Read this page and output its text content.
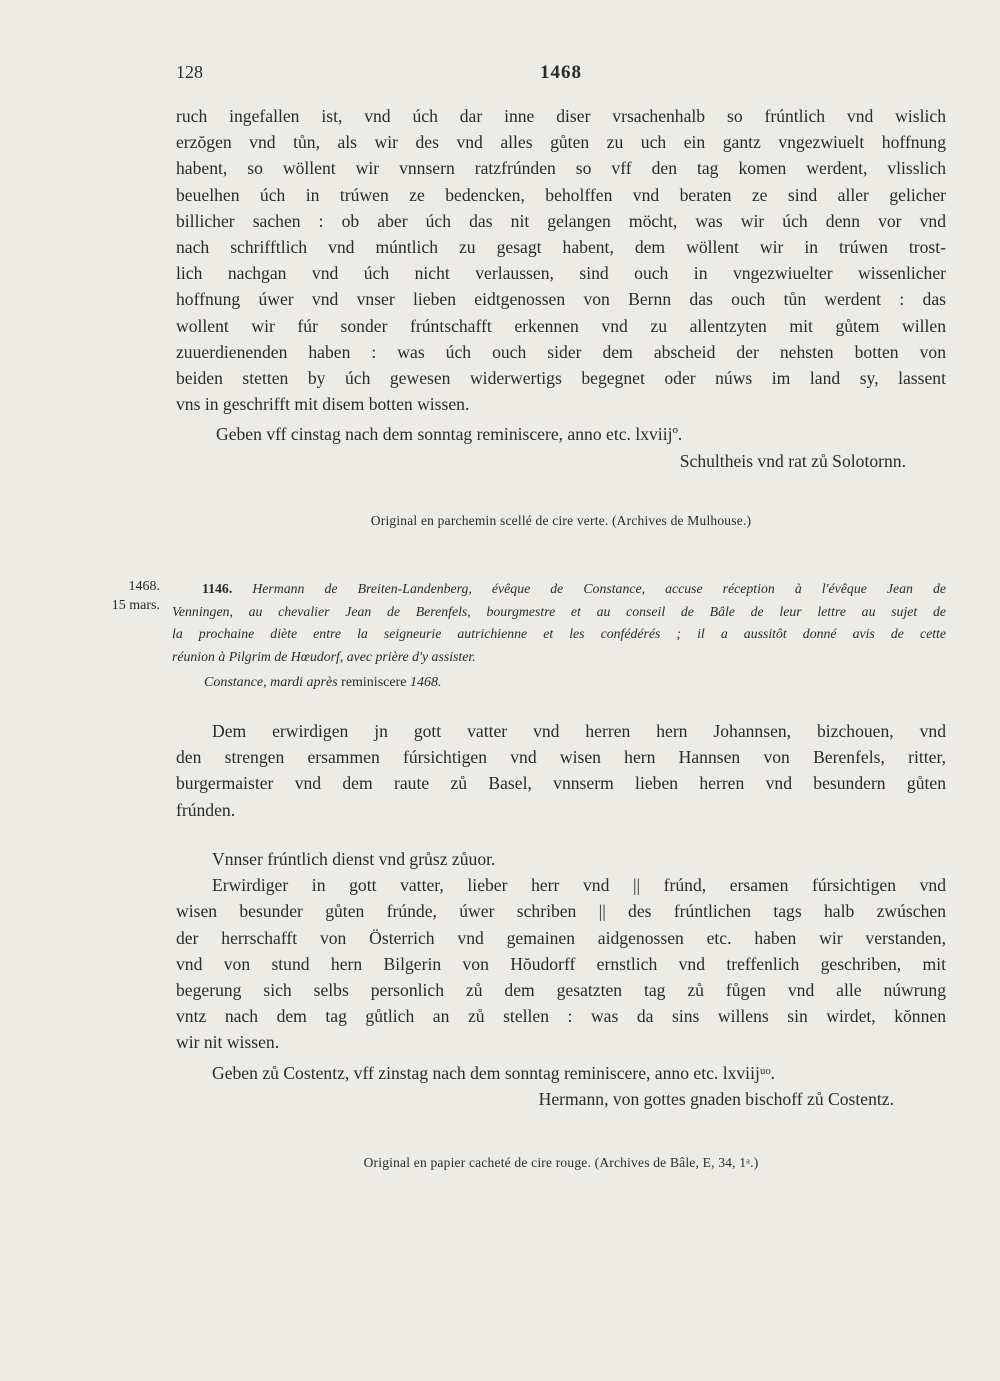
128	1468
ruch ingefallen ist, vnd úch dar inne diser vrsachenhalb so frúntlich vnd wislich
erzŏgen vnd tůn, als wir des vnd alles gůten zu uch ein gantz vngezwiuelt hoffnung
habent, so wöllent wir vnnsern ratzfrúnden so vff den tag komen werdent, vlisslich
beuelhen úch in trúwen ze bedencken, beholffen vnd beraten ze sind aller gelicher
billicher sachen : ob aber úch das nit gelangen möcht, was wir úch denn vor vnd
nach schrifftlich vnd múntlich zu gesagt habent, dem wöllent wir in trúwen trost-
lich nachgan vnd úch nicht verlaussen, sind ouch in vngezwiuelter wissenlicher
hoffnung úwer vnd vnser lieben eidtgenossen von Bernn das ouch tůn werdent : das
wollent wir fúr sonder frúntschafft erkennen vnd zu allentzyten mit gůtem willen
zuuerdienenden haben : was úch ouch sider dem abscheid der nehsten botten von
beiden stetten by úch gewesen widerwertigs begegnet oder núws im land sy, lassent
vns in geschrifft mit disem botten wissen.
Geben vff cinstag nach dem sonntag reminiscere, anno etc. lxviijº.
Schultheis vnd rat zů Solotornn.
Original en parchemin scellé de cire verte. (Archives de Mulhouse.)
1468.
15 mars.
1146. Hermann de Breiten-Landenberg, évêque de Constance, accuse réception à l'évêque Jean de
Venningen, au chevalier Jean de Berenfels, bourgmestre et au conseil de Bâle de leur lettre au sujet de
la prochaine diète entre la seigneurie autrichienne et les confédérés ; il a aussitôt donné avis de cette
réunion à Pilgrim de Hœudorf, avec prière d'y assister.
Constance, mardi après reminiscere 1468.
Dem erwirdigen jn gott vatter vnd herren hern Johannsen, bizchouen, vnd
den strengen ersammen fúrsichtigen vnd wisen hern Hannsen von Berenfels, ritter,
burgermaister vnd dem raute zů Basel, vnnserm lieben herren vnd besundern gůten
frúnden.
Vnnser frúntlich dienst vnd grůsz zůuor.
Erwirdiger in gott vatter, lieber herr vnd || frúnd, ersamen fúrsichtigen vnd
wisen besunder gůten frúnde, úwer schriben || des frúntlichen tags halb zwúschen
der herrschafft von Österrich vnd gemainen aidgenossen etc. haben wir verstanden,
vnd von stund hern Bilgerin von Hŏudorff ernstlich vnd treffenlich geschriben, mit
begerung sich selbs personlich zů dem gesatzten tag zů fůgen vnd alle núwrung
vntz nach dem tag gůtlich an zů stellen : was da sins willens sin wirdet, kŏnnen
wir nit wissen.
Geben zů Costentz, vff zinstag nach dem sonntag reminiscere, anno etc. lxviijᵘᵒ.
Hermann, von gottes gnaden bischoff zů Costentz.
Original en papier cacheté de cire rouge. (Archives de Bâle, E, 34, 1ᵃ.)
